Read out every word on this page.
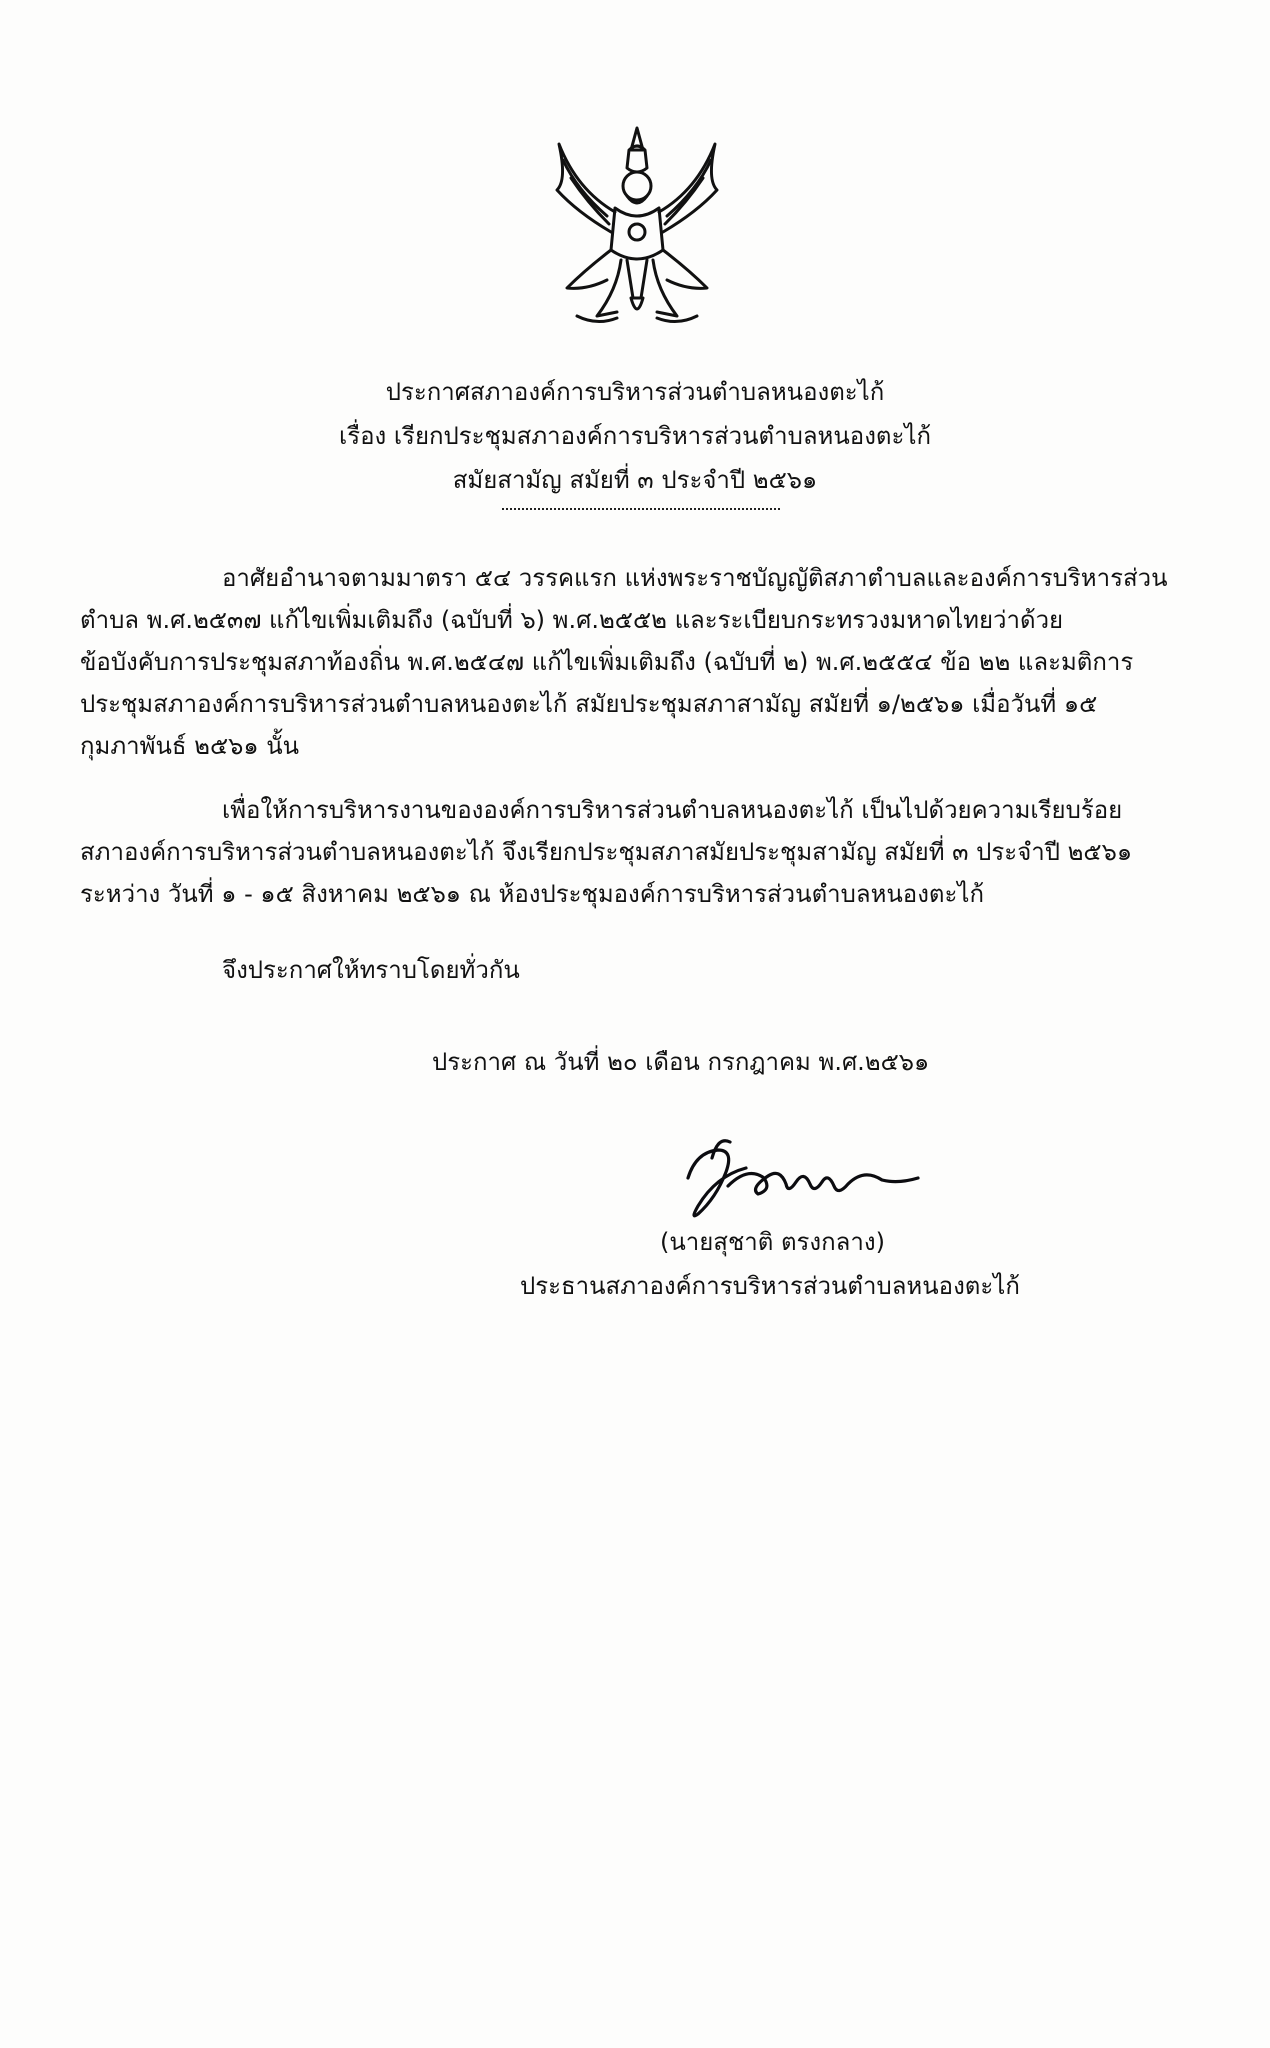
ประกาศสภาองค์การบริหารส่วนตำบลหนองตะไก้
เรื่อง เรียกประชุมสภาองค์การบริหารส่วนตำบลหนองตะไก้
สมัยสามัญ สมัยที่ ๓ ประจำปี ๒๕๖๑
อาศัยอำนาจตามมาตรา ๕๔ วรรคแรก แห่งพระราชบัญญัติสภาตำบลและองค์การบริหารส่วน
ตำบล พ.ศ.๒๕๓๗ แก้ไขเพิ่มเติมถึง (ฉบับที่ ๖) พ.ศ.๒๕๕๒ และระเบียบกระทรวงมหาดไทยว่าด้วย
ข้อบังคับการประชุมสภาท้องถิ่น พ.ศ.๒๕๔๗ แก้ไขเพิ่มเติมถึง (ฉบับที่ ๒) พ.ศ.๒๕๕๔ ข้อ ๒๒ และมติการ
ประชุมสภาองค์การบริหารส่วนตำบลหนองตะไก้ สมัยประชุมสภาสามัญ สมัยที่ ๑/๒๕๖๑ เมื่อวันที่ ๑๕
กุมภาพันธ์ ๒๕๖๑ นั้น
เพื่อให้การบริหารงานขององค์การบริหารส่วนตำบลหนองตะไก้ เป็นไปด้วยความเรียบร้อย
สภาองค์การบริหารส่วนตำบลหนองตะไก้ จึงเรียกประชุมสภาสมัยประชุมสามัญ สมัยที่ ๓ ประจำปี ๒๕๖๑
ระหว่าง วันที่ ๑ - ๑๕ สิงหาคม ๒๕๖๑ ณ ห้องประชุมองค์การบริหารส่วนตำบลหนองตะไก้
จึงประกาศให้ทราบโดยทั่วกัน
ประกาศ ณ วันที่ ๒๐ เดือน กรกฎาคม พ.ศ.๒๕๖๑
(นายสุชาติ ตรงกลาง)
ประธานสภาองค์การบริหารส่วนตำบลหนองตะไก้
